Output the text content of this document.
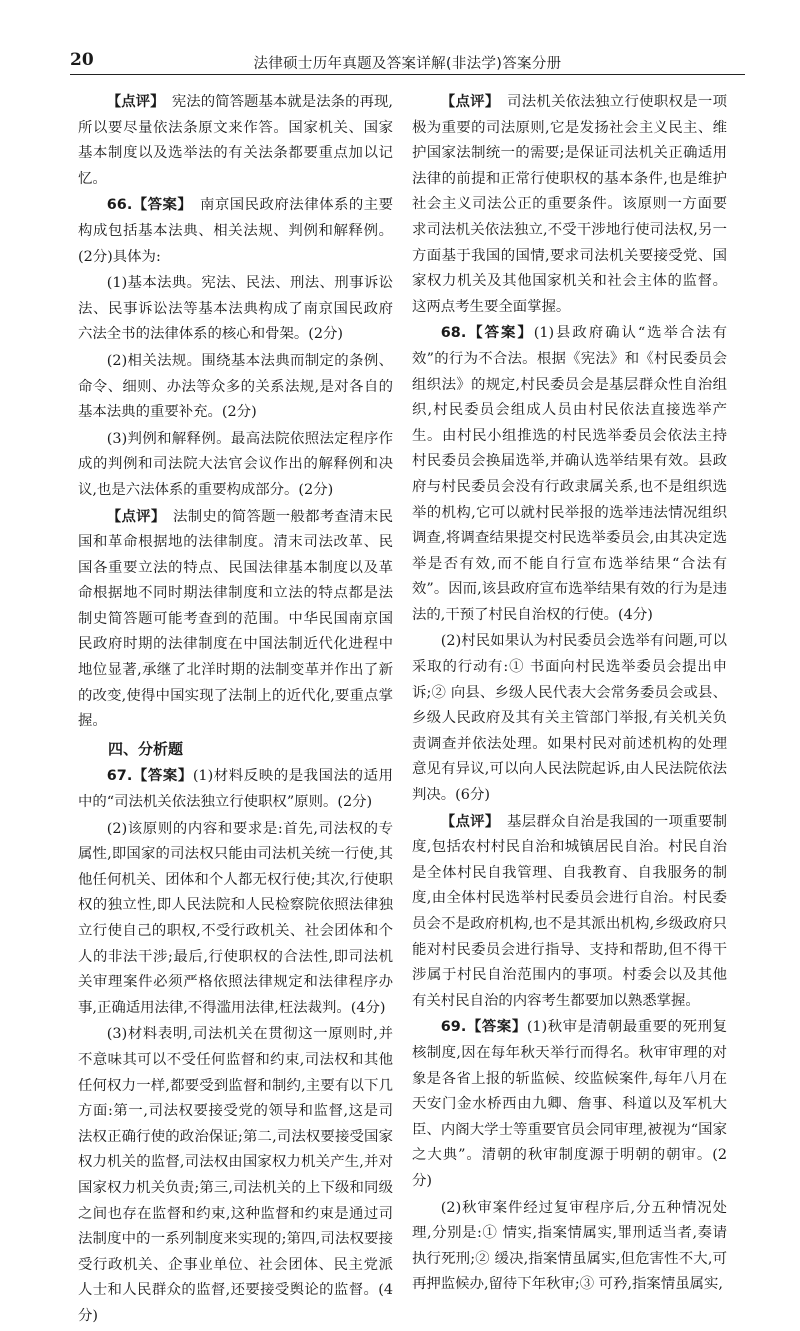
20	法律硕士历年真题及答案详解(非法学)答案分册

【点评】　宪法的简答题基本就是法条的再现,所以要尽量依法条原文来作答。国家机关、国家基本制度以及选举法的有关法条都要重点加以记忆。

66.【答案】　南京国民政府法律体系的主要构成包括基本法典、相关法规、判例和解释例。(2分)具体为:

(1)基本法典。宪法、民法、刑法、刑事诉讼法、民事诉讼法等基本法典构成了南京国民政府六法全书的法律体系的核心和骨架。(2分)

(2)相关法规。围绕基本法典而制定的条例、命令、细则、办法等众多的关系法规,是对各自的基本法典的重要补充。(2分)

(3)判例和解释例。最高法院依照法定程序作成的判例和司法院大法官会议作出的解释例和决议,也是六法体系的重要构成部分。(2分)

【点评】　法制史的简答题一般都考查清末民国和革命根据地的法律制度。清末司法改革、民国各重要立法的特点、民国法律基本制度以及革命根据地不同时期法律制度和立法的特点都是法制史简答题可能考查到的范围。中华民国南京国民政府时期的法律制度在中国法制近代化进程中地位显著,承继了北洋时期的法制变革并作出了新的改变,使得中国实现了法制上的近代化,要重点掌握。

四、分析题

67.【答案】(1)材料反映的是我国法的适用中的“司法机关依法独立行使职权”原则。(2分)

(2)该原则的内容和要求是:首先,司法权的专属性,即国家的司法权只能由司法机关统一行使,其他任何机关、团体和个人都无权行使;其次,行使职权的独立性,即人民法院和人民检察院依照法律独立行使自己的职权,不受行政机关、社会团体和个人的非法干涉;最后,行使职权的合法性,即司法机关审理案件必须严格依照法律规定和法律程序办事,正确适用法律,不得滥用法律,枉法裁判。(4分)

(3)材料表明,司法机关在贯彻这一原则时,并不意味其可以不受任何监督和约束,司法权和其他任何权力一样,都要受到监督和制约,主要有以下几方面:第一,司法权要接受党的领导和监督,这是司法权正确行使的政治保证;第二,司法权要接受国家权力机关的监督,司法权由国家权力机关产生,并对国家权力机关负责;第三,司法机关的上下级和同级之间也存在监督和约束,这种监督和约束是通过司法制度中的一系列制度来实现的;第四,司法权要接受行政机关、企事业单位、社会团体、民主党派人士和人民群众的监督,还要接受舆论的监督。(4分)

【点评】　司法机关依法独立行使职权是一项极为重要的司法原则,它是发扬社会主义民主、维护国家法制统一的需要;是保证司法机关正确适用法律的前提和正常行使职权的基本条件,也是维护社会主义司法公正的重要条件。该原则一方面要求司法机关依法独立,不受干涉地行使司法权,另一方面基于我国的国情,要求司法机关要接受党、国家权力机关及其他国家机关和社会主体的监督。这两点考生要全面掌握。

68.【答案】(1)县政府确认“选举合法有效”的行为不合法。根据《宪法》和《村民委员会组织法》的规定,村民委员会是基层群众性自治组织,村民委员会组成人员由村民依法直接选举产生。由村民小组推选的村民选举委员会依法主持村民委员会换届选举,并确认选举结果有效。县政府与村民委员会没有行政隶属关系,也不是组织选举的机构,它可以就村民举报的选举违法情况组织调查,将调查结果提交村民选举委员会,由其决定选举是否有效,而不能自行宣布选举结果“合法有效”。因而,该县政府宣布选举结果有效的行为是违法的,干预了村民自治权的行使。(4分)

(2)村民如果认为村民委员会选举有问题,可以采取的行动有:① 书面向村民选举委员会提出申诉;② 向县、乡级人民代表大会常务委员会或县、乡级人民政府及其有关主管部门举报,有关机关负责调查并依法处理。如果村民对前述机构的处理意见有异议,可以向人民法院起诉,由人民法院依法判决。(6分)

【点评】　基层群众自治是我国的一项重要制度,包括农村村民自治和城镇居民自治。村民自治是全体村民自我管理、自我教育、自我服务的制度,由全体村民选举村民委员会进行自治。村民委员会不是政府机构,也不是其派出机构,乡级政府只能对村民委员会进行指导、支持和帮助,但不得干涉属于村民自治范围内的事项。村委会以及其他有关村民自治的内容考生都要加以熟悉掌握。

69.【答案】(1)秋审是清朝最重要的死刑复核制度,因在每年秋天举行而得名。秋审审理的对象是各省上报的斩监候、绞监候案件,每年八月在天安门金水桥西由九卿、詹事、科道以及军机大臣、内阁大学士等重要官员会同审理,被视为“国家之大典”。清朝的秋审制度源于明朝的朝审。(2分)

(2)秋审案件经过复审程序后,分五种情况处理,分别是:① 情实,指案情属实,罪刑适当者,奏请执行死刑;② 缓决,指案情虽属实,但危害性不大,可再押监候办,留待下年秋审;③ 可矜,指案情虽属实,
